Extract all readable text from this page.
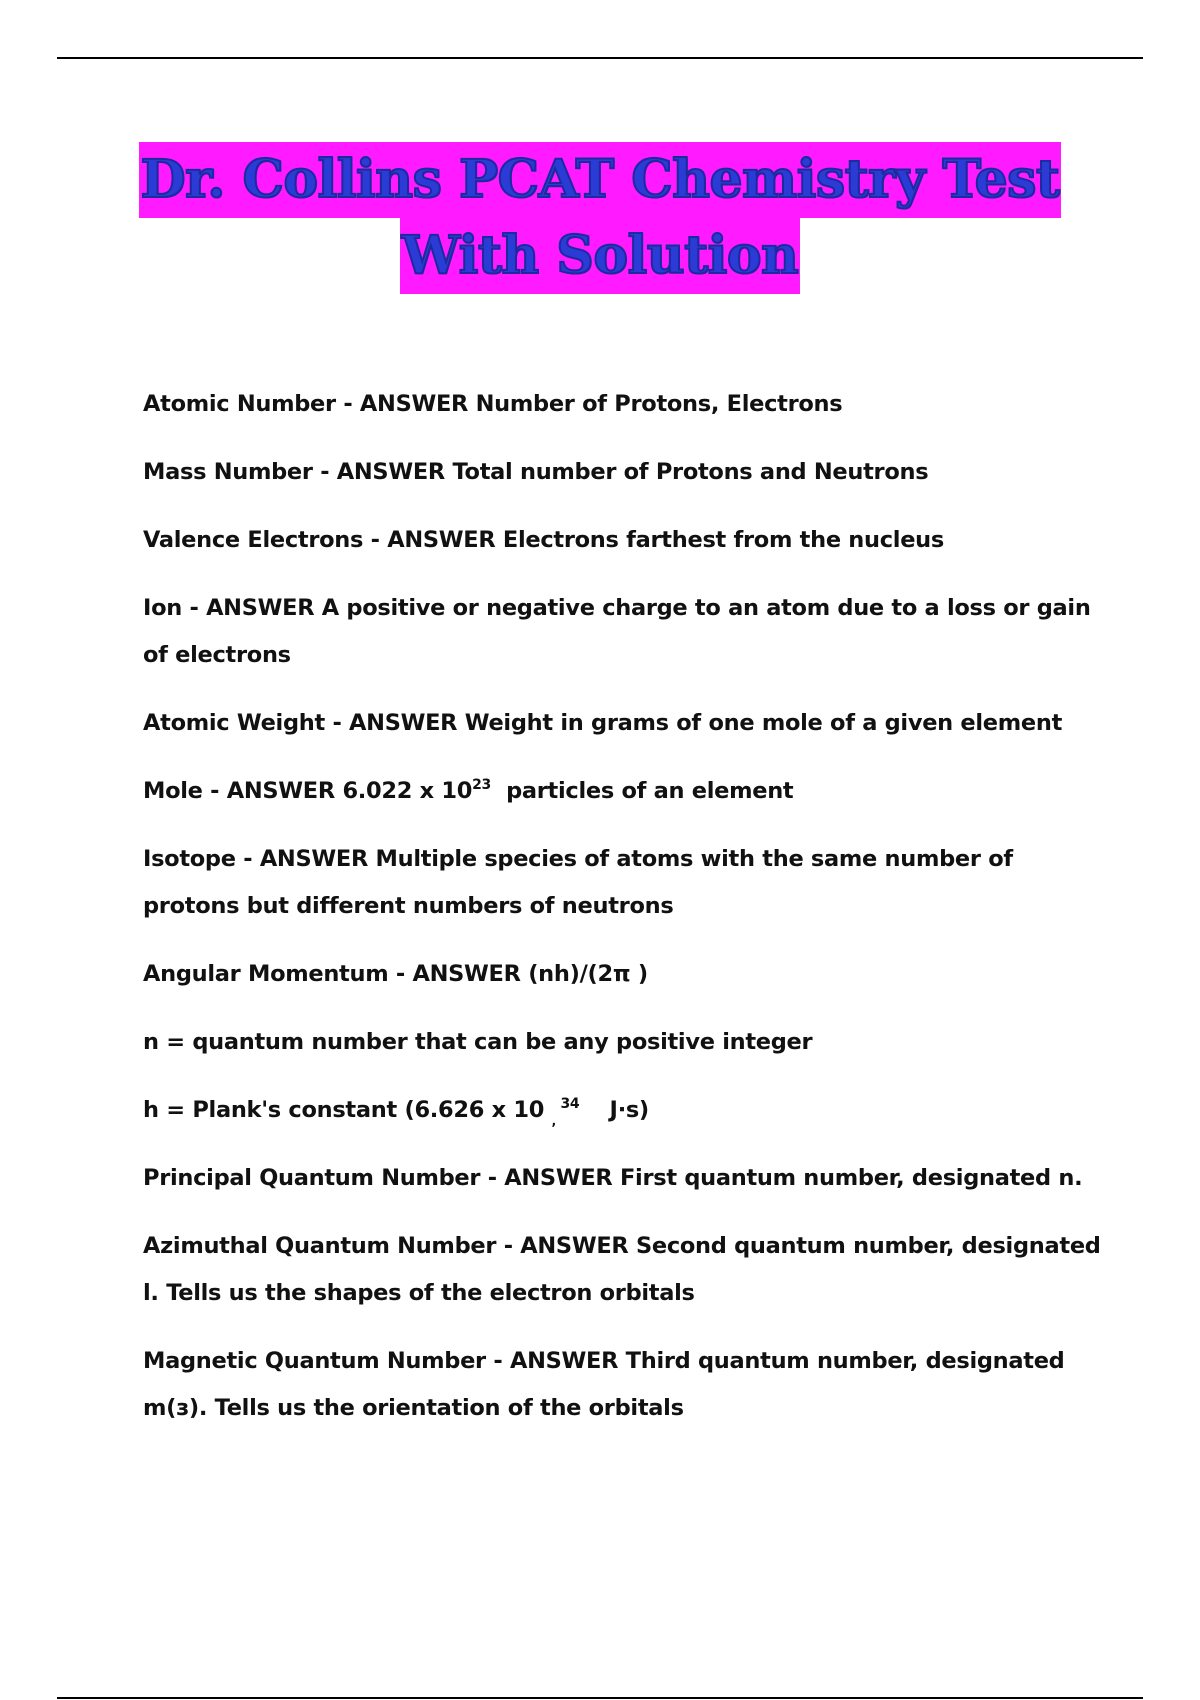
Dr. Collins PCAT Chemistry Test
With Solution

Atomic Number - ANSWER Number of Protons, Electrons

Mass Number - ANSWER Total number of Protons and Neutrons

Valence Electrons - ANSWER Electrons farthest from the nucleus

Ion - ANSWER A positive or negative charge to an atom due to a loss or gain of electrons

Atomic Weight - ANSWER Weight in grams of one mole of a given element

Mole - ANSWER 6.022 x $10^{23}$  particles of an element

Isotope - ANSWER Multiple species of atoms with the same number of protons but different numbers of neutrons

Angular Momentum - ANSWER (nh)/(2π )

n = quantum number that can be any positive integer

h = Plank's constant (6.626 x 10 $_,$ $^{34}$    J∙s)

Principal Quantum Number - ANSWER First quantum number, designated n.

Azimuthal Quantum Number - ANSWER Second quantum number, designated l. Tells us the shapes of the electron orbitals

Magnetic Quantum Number - ANSWER Third quantum number, designated m(з). Tells us the orientation of the orbitals
